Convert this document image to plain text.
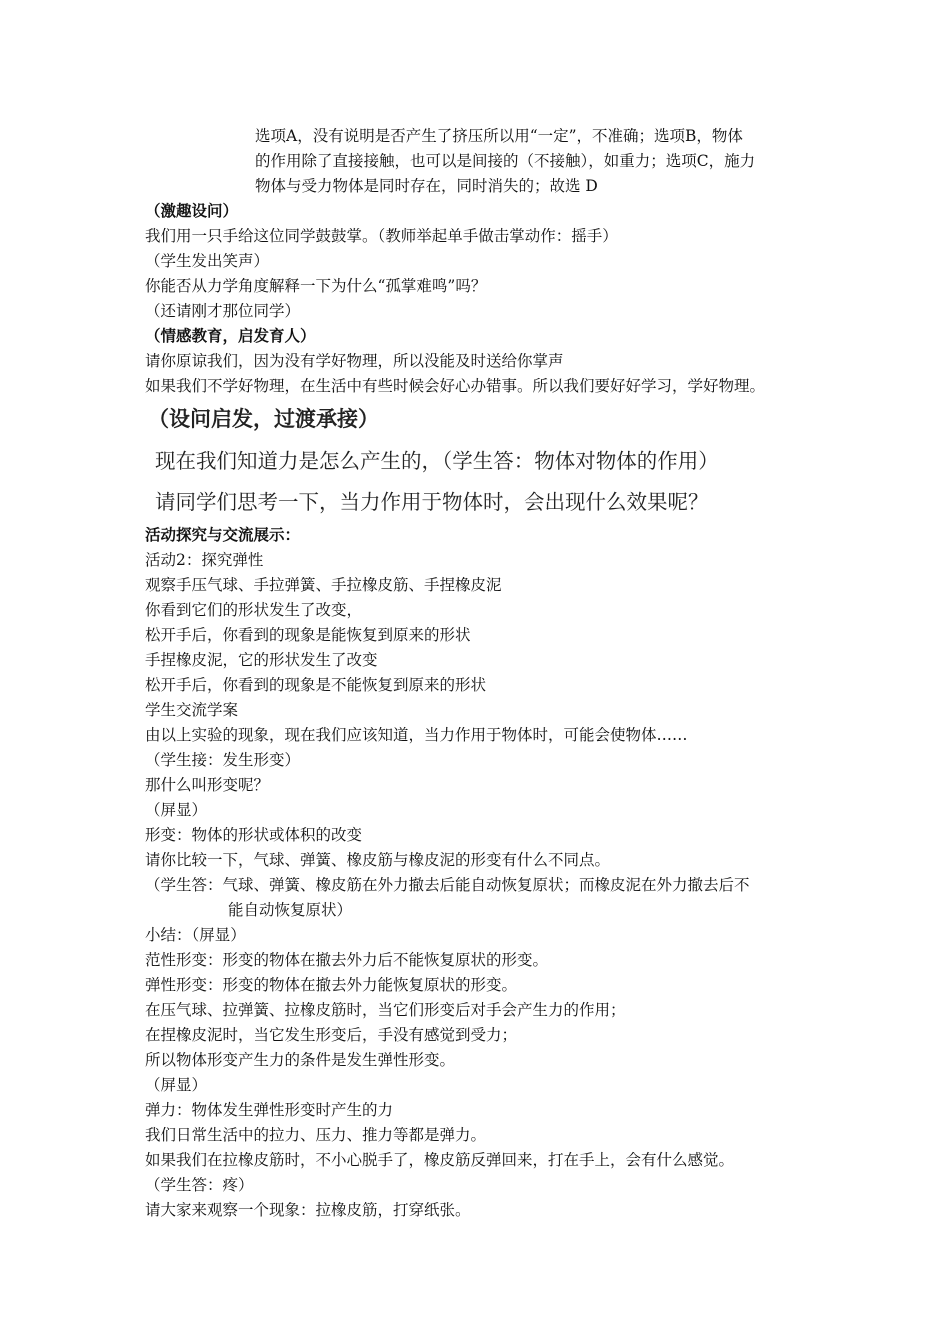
选项A，没有说明是否产生了挤压所以用“一定”，不准确；选项B，物体
的作用除了直接接触，也可以是间接的（不接触），如重力；选项C，施力
物体与受力物体是同时存在，同时消失的；故选 D
（激趣设问）
我们用一只手给这位同学鼓鼓掌。（教师举起单手做击掌动作：摇手）
（学生发出笑声）
你能否从力学角度解释一下为什么“孤掌难鸣”吗？
（还请刚才那位同学）
（情感教育，启发育人）
请你原谅我们，因为没有学好物理，所以没能及时送给你掌声
如果我们不学好物理，在生活中有些时候会好心办错事。所以我们要好好学习，学好物理。
（设问启发，过渡承接）
现在我们知道力是怎么产生的，（学生答：物体对物体的作用）
请同学们思考一下，当力作用于物体时，会出现什么效果呢？
活动探究与交流展示：
活动2：探究弹性
观察手压气球、手拉弹簧、手拉橡皮筋、手捏橡皮泥
你看到它们的形状发生了改变，
松开手后，你看到的现象是能恢复到原来的形状
手捏橡皮泥，它的形状发生了改变
松开手后，你看到的现象是不能恢复到原来的形状
学生交流学案
由以上实验的现象，现在我们应该知道，当力作用于物体时，可能会使物体……
（学生接：发生形变）
那什么叫形变呢？
（屏显）
形变：物体的形状或体积的改变
请你比较一下，气球、弹簧、橡皮筋与橡皮泥的形变有什么不同点。
（学生答：气球、弹簧、橡皮筋在外力撤去后能自动恢复原状；而橡皮泥在外力撤去后不
能自动恢复原状）
小结：（屏显）
范性形变：形变的物体在撤去外力后不能恢复原状的形变。
弹性形变：形变的物体在撤去外力能恢复原状的形变。
在压气球、拉弹簧、拉橡皮筋时，当它们形变后对手会产生力的作用；
在捏橡皮泥时，当它发生形变后，手没有感觉到受力；
所以物体形变产生力的条件是发生弹性形变。
（屏显）
弹力：物体发生弹性形变时产生的力
我们日常生活中的拉力、压力、推力等都是弹力。
如果我们在拉橡皮筋时，不小心脱手了，橡皮筋反弹回来，打在手上，会有什么感觉。
（学生答：疼）
请大家来观察一个现象：拉橡皮筋，打穿纸张。
